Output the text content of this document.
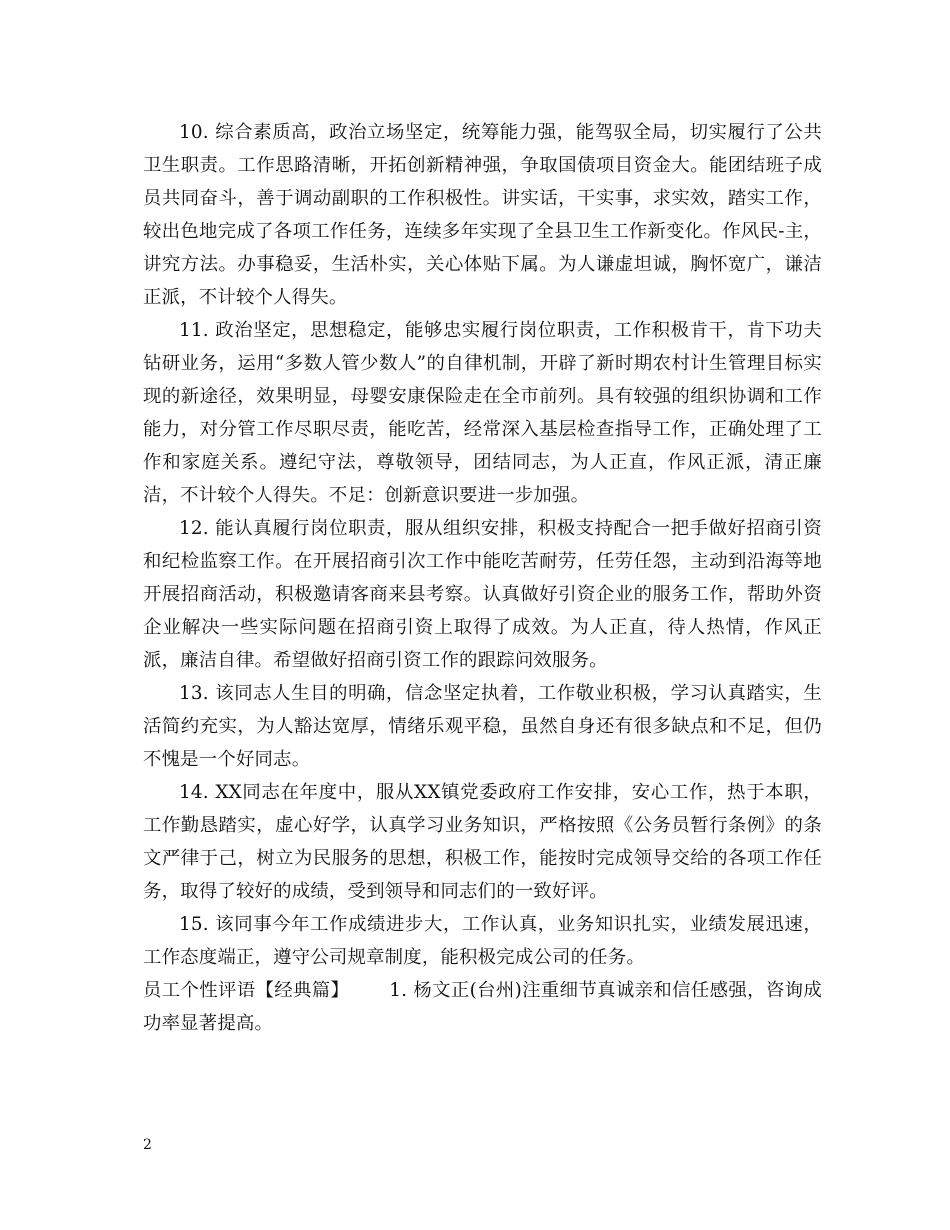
10. 综合素质高，政治立场坚定，统筹能力强，能驾驭全局，切实履行了公共卫生职责。工作思路清晰，开拓创新精神强，争取国债项目资金大。能团结班子成员共同奋斗，善于调动副职的工作积极性。讲实话，干实事，求实效，踏实工作，较出色地完成了各项工作任务，连续多年实现了全县卫生工作新变化。作风民-主，讲究方法。办事稳妥，生活朴实，关心体贴下属。为人谦虚坦诚，胸怀宽广，谦洁正派，不计较个人得失。

11. 政治坚定，思想稳定，能够忠实履行岗位职责，工作积极肯干，肯下功夫钻研业务，运用“多数人管少数人”的自律机制，开辟了新时期农村计生管理目标实现的新途径，效果明显，母婴安康保险走在全市前列。具有较强的组织协调和工作能力，对分管工作尽职尽责，能吃苦，经常深入基层检查指导工作，正确处理了工作和家庭关系。遵纪守法，尊敬领导，团结同志，为人正直，作风正派，清正廉洁，不计较个人得失。不足：创新意识要进一步加强。

12. 能认真履行岗位职责，服从组织安排，积极支持配合一把手做好招商引资和纪检监察工作。在开展招商引次工作中能吃苦耐劳，任劳任怨，主动到沿海等地开展招商活动，积极邀请客商来县考察。认真做好引资企业的服务工作，帮助外资企业解决一些实际问题在招商引资上取得了成效。为人正直，待人热情，作风正派，廉洁自律。希望做好招商引资工作的跟踪问效服务。

13. 该同志人生目的明确，信念坚定执着，工作敬业积极，学习认真踏实，生活简约充实，为人豁达宽厚，情绪乐观平稳，虽然自身还有很多缺点和不足，但仍不愧是一个好同志。

14. XX同志在年度中，服从XX镇党委政府工作安排，安心工作，热于本职，工作勤恳踏实，虚心好学，认真学习业务知识，严格按照《公务员暂行条例》的条文严律于己，树立为民服务的思想，积极工作，能按时完成领导交给的各项工作任务，取得了较好的成绩，受到领导和同志们的一致好评。

15. 该同事今年工作成绩进步大，工作认真，业务知识扎实，业绩发展迅速，工作态度端正，遵守公司规章制度，能积极完成公司的任务。

员工个性评语【经典篇】 1. 杨文正(台州)注重细节真诚亲和信任感强，咨询成功率显著提高。

2
